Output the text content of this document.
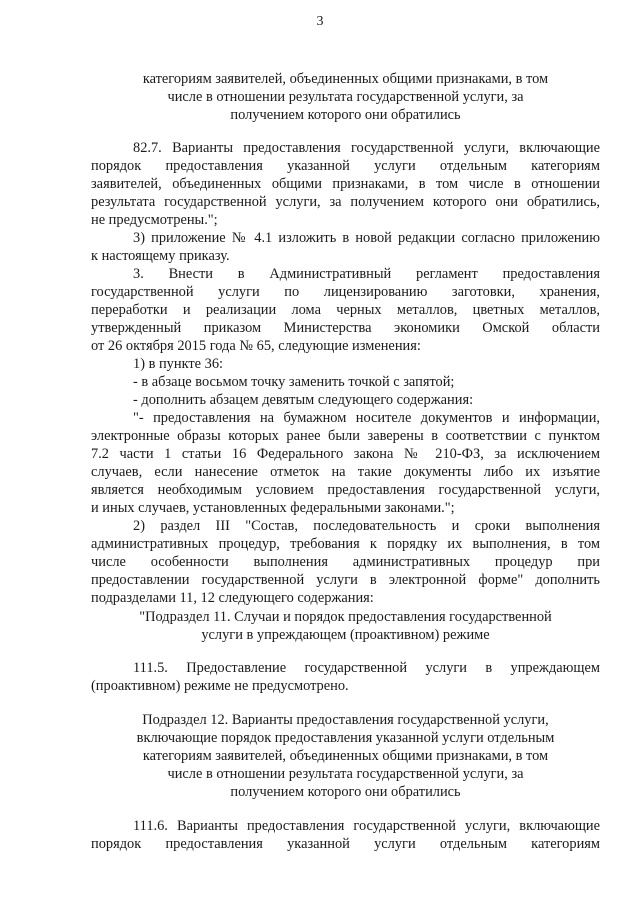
3
категориям заявителей, объединенных общими признаками, в том
числе в отношении результата государственной услуги, за
получением которого они обратились
82.7. Варианты предоставления государственной услуги, включающие
порядок предоставления указанной услуги отдельным категориям
заявителей, объединенных общими признаками, в том числе в отношении
результата государственной услуги, за получением которого они обратились,
не предусмотрены.";
3) приложение № 4.1 изложить в новой редакции согласно приложению
к настоящему приказу.
3. Внести в Административный регламент предоставления
государственной услуги по лицензированию заготовки, хранения,
переработки и реализации лома черных металлов, цветных металлов,
утвержденный приказом Министерства экономики Омской области
от 26 октября 2015 года № 65, следующие изменения:
1) в пункте 36:
- в абзаце восьмом точку заменить точкой с запятой;
- дополнить абзацем девятым следующего содержания:
"- предоставления на бумажном носителе документов и информации,
электронные образы которых ранее были заверены в соответствии с пунктом
7.2 части 1 статьи 16 Федерального закона № 210-ФЗ, за исключением
случаев, если нанесение отметок на такие документы либо их изъятие
является необходимым условием предоставления государственной услуги,
и иных случаев, установленных федеральными законами.";
2) раздел III "Состав, последовательность и сроки выполнения
административных процедур, требования к порядку их выполнения, в том
числе особенности выполнения административных процедур при
предоставлении государственной услуги в электронной форме" дополнить
подразделами 11, 12 следующего содержания:
"Подраздел 11. Случаи и порядок предоставления государственной
услуги в упреждающем (проактивном) режиме
111.5. Предоставление государственной услуги в упреждающем
(проактивном) режиме не предусмотрено.
Подраздел 12. Варианты предоставления государственной услуги,
включающие порядок предоставления указанной услуги отдельным
категориям заявителей, объединенных общими признаками, в том
числе в отношении результата государственной услуги, за
получением которого они обратились
111.6. Варианты предоставления государственной услуги, включающие
порядок предоставления указанной услуги отдельным категориям
